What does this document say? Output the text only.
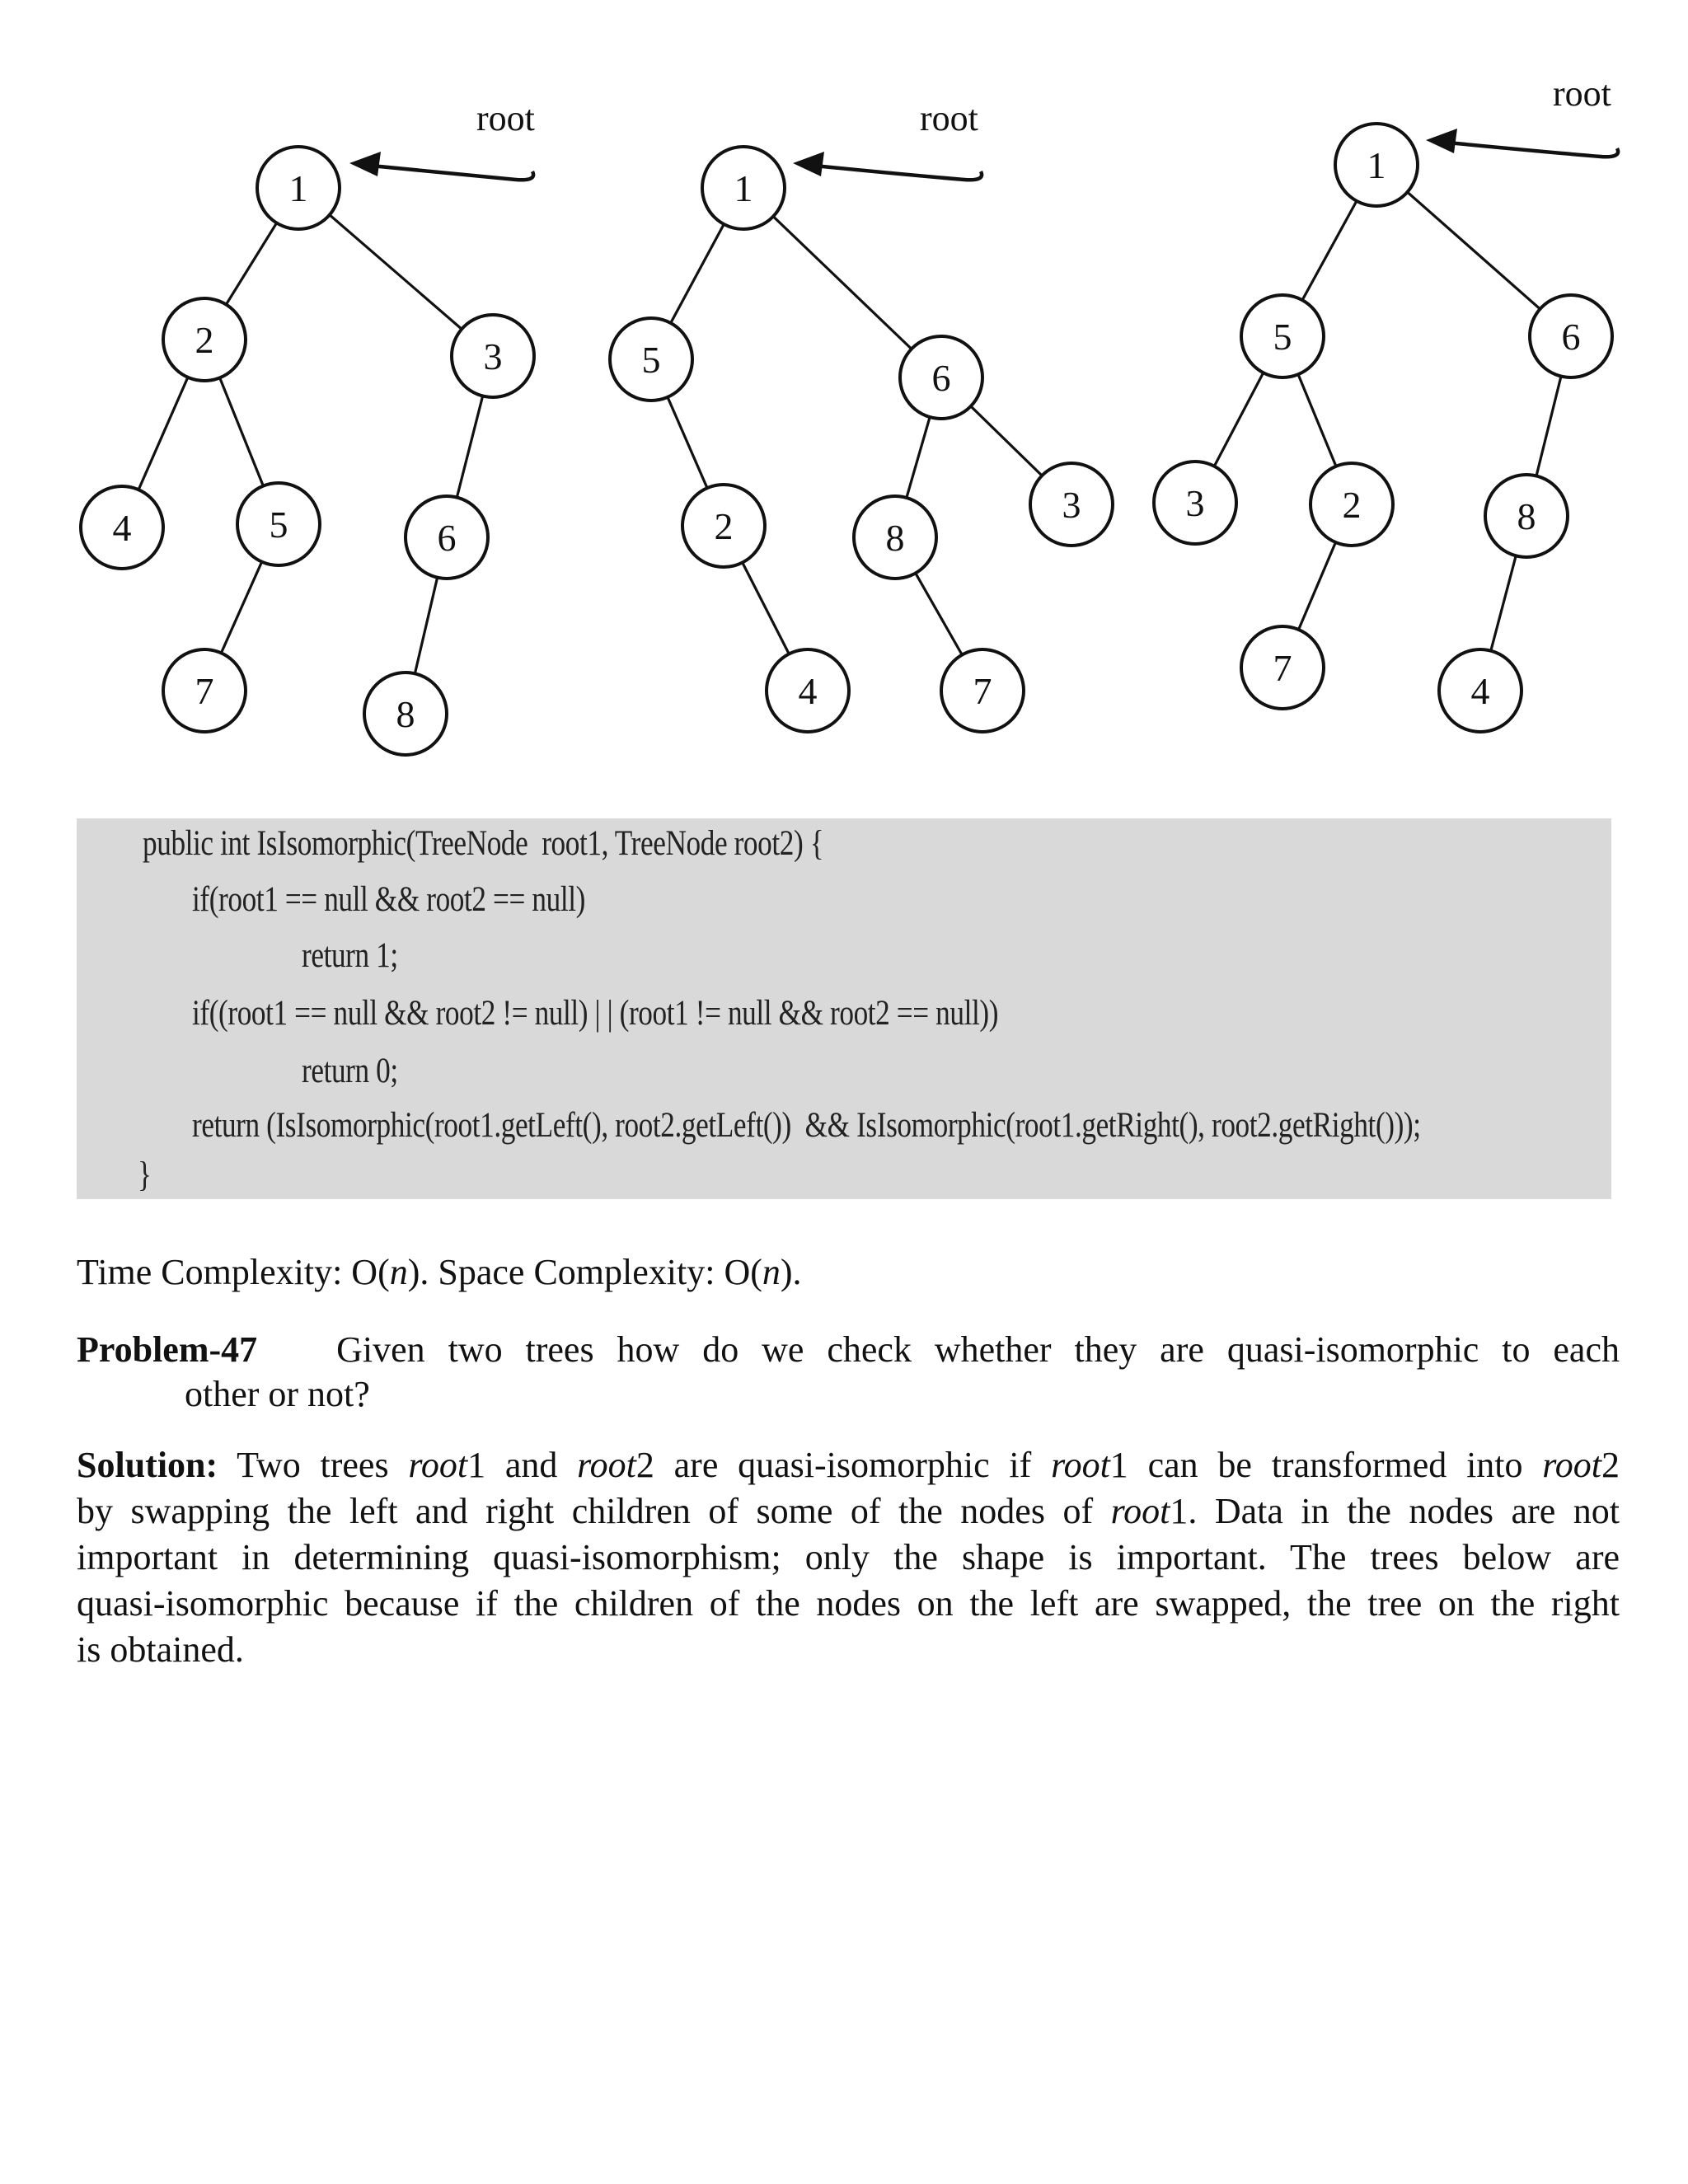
root
1
2	3
4	5	6
7
8
root
1
5	6
2
4
8
3
7
root
1
5	6
3	2
7
8
4
public int IsIsomorphic(TreeNode  root1, TreeNode root2) {
if(root1 == null && root2 == null)
return 1;
if((root1 == null && root2 != null) | | (root1 != null && root2 == null))
return 0;
return (IsIsomorphic(root1.getLeft(), root2.getLeft())  && IsIsomorphic(root1.getRight(), root2.getRight()));
}
Time Complexity: O(n). Space Complexity: O(n).
Problem-47 Given two trees how do we check whether they are quasi-isomorphic to each
other or not?
Solution: Two trees root1 and root2 are quasi-isomorphic if root1 can be transformed into root2
by swapping the left and right children of some of the nodes of root1. Data in the nodes are not
important in determining quasi-isomorphism; only the shape is important. The trees below are
quasi-isomorphic because if the children of the nodes on the left are swapped, the tree on the right
is obtained.
